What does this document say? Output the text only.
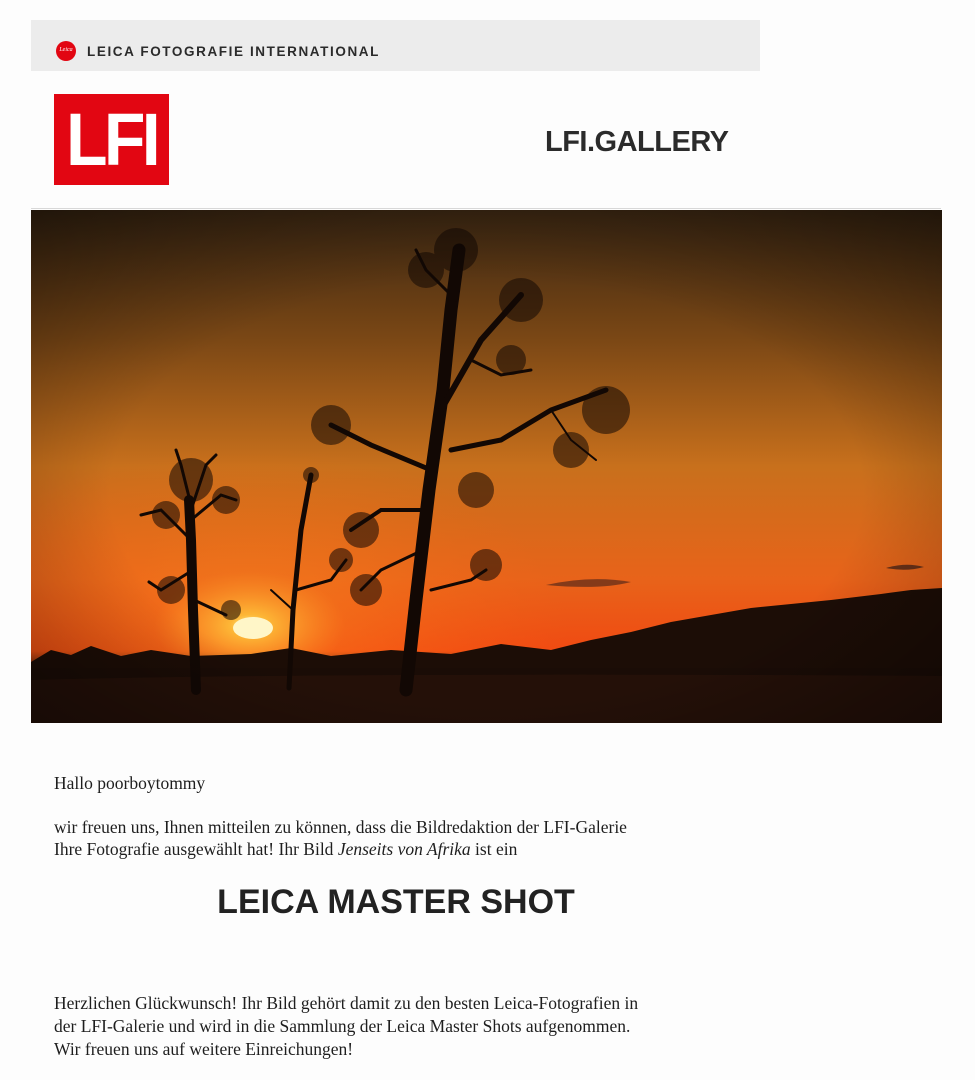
Leica LEICA FOTOGRAFIE INTERNATIONAL
LFI	LFI.GALLERY
Hallo poorboytommy
wir freuen uns, Ihnen mitteilen zu können, dass die Bildredaktion der LFI-Galerie
Ihre Fotografie ausgewählt hat! Ihr Bild Jenseits von Afrika ist ein
LEICA MASTER SHOT
Herzlichen Glückwunsch! Ihr Bild gehört damit zu den besten Leica-Fotografien in
der LFI-Galerie und wird in die Sammlung der Leica Master Shots aufgenommen.
Wir freuen uns auf weitere Einreichungen!
